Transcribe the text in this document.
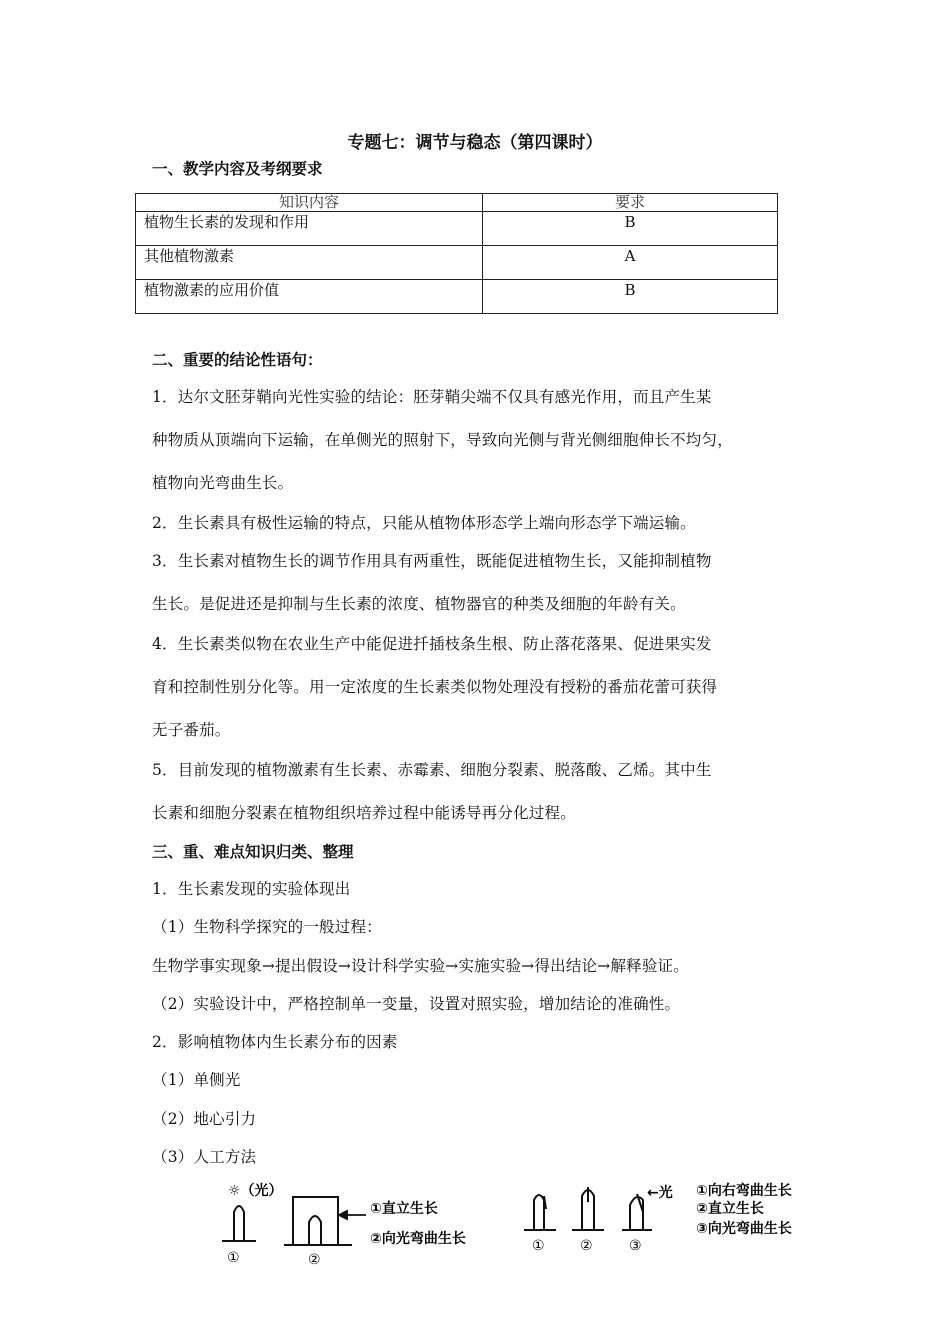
专题七：调节与稳态（第四课时）
一、教学内容及考纲要求
知识内容	要求
植物生长素的发现和作用	B
其他植物激素	A
植物激素的应用价值	B
二、重要的结论性语句：
1．达尔文胚芽鞘向光性实验的结论：胚芽鞘尖端不仅具有感光作用，而且产生某
种物质从顶端向下运输，在单侧光的照射下，导致向光侧与背光侧细胞伸长不均匀，
植物向光弯曲生长。
2．生长素具有极性运输的特点，只能从植物体形态学上端向形态学下端运输。
3．生长素对植物生长的调节作用具有两重性，既能促进植物生长，又能抑制植物
生长。是促进还是抑制与生长素的浓度、植物器官的种类及细胞的年龄有关。
4．生长素类似物在农业生产中能促进扦插枝条生根、防止落花落果、促进果实发
育和控制性别分化等。用一定浓度的生长素类似物处理没有授粉的番茄花蕾可获得
无子番茄。
5．目前发现的植物激素有生长素、赤霉素、细胞分裂素、脱落酸、乙烯。其中生
长素和细胞分裂素在植物组织培养过程中能诱导再分化过程。
三、重、难点知识归类、整理
1．生长素发现的实验体现出
（1）生物科学探究的一般过程：
生物学事实现象→提出假设→设计科学实验→实施实验→得出结论→解释验证。
（2）实验设计中，严格控制单一变量，设置对照实验，增加结论的准确性。
2．影响植物体内生长素分布的因素
（1）单侧光
（2）地心引力
（3）人工方法
☼（光）
①	②
①直立生长
②向光弯曲生长	①	②	③
←光 ①向右弯曲生长
②直立生长
③向光弯曲生长
